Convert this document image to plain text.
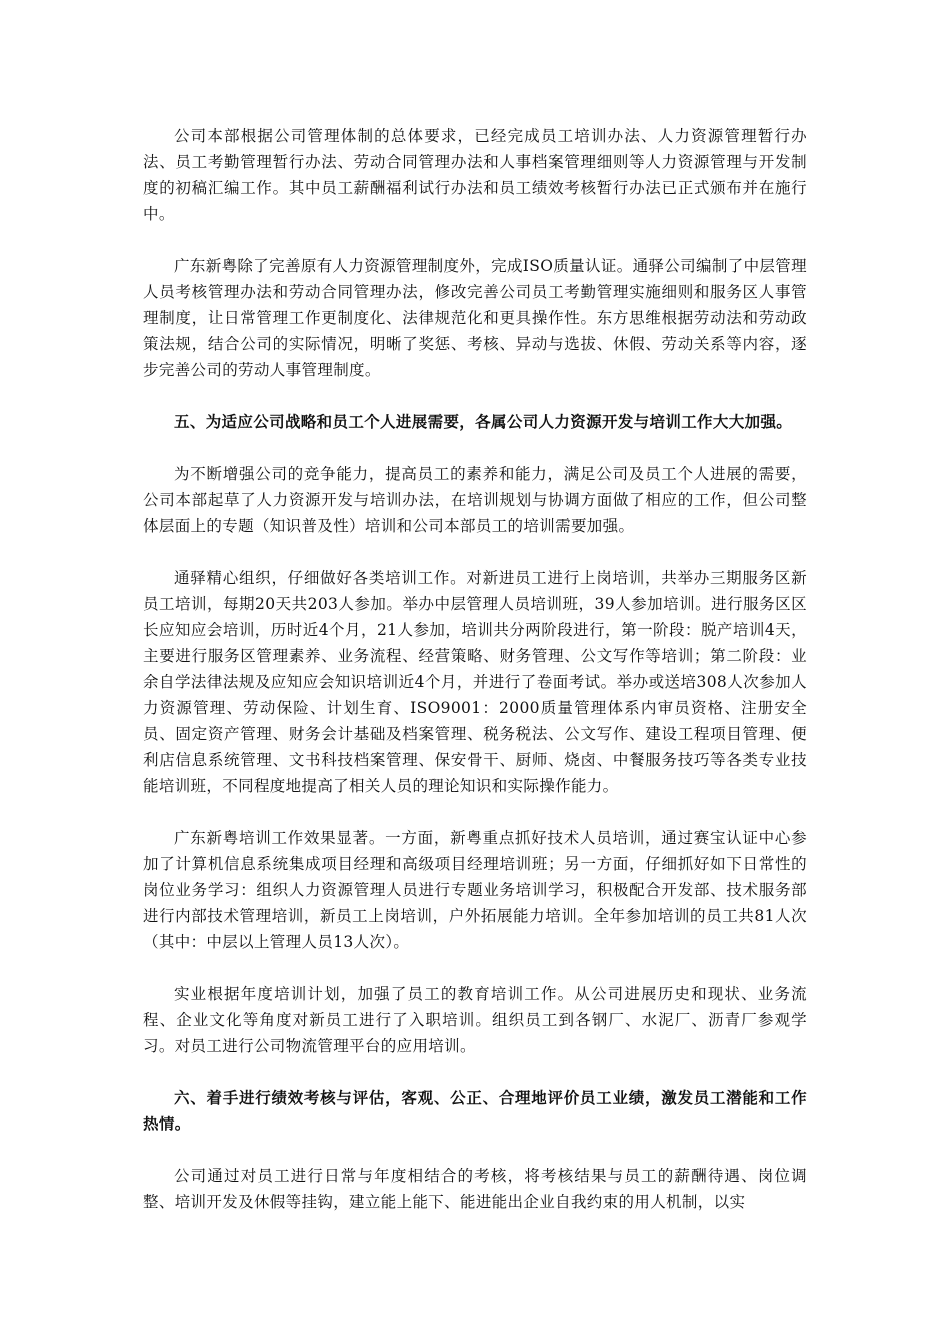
公司本部根据公司管理体制的总体要求，已经完成员工培训办法、人力资源管理暂行办法、员工考勤管理暂行办法、劳动合同管理办法和人事档案管理细则等人力资源管理与开发制度的初稿汇编工作。其中员工薪酬福利试行办法和员工绩效考核暂行办法已正式颁布并在施行中。

广东新粤除了完善原有人力资源管理制度外，完成ISO质量认证。通驿公司编制了中层管理人员考核管理办法和劳动合同管理办法，修改完善公司员工考勤管理实施细则和服务区人事管理制度，让日常管理工作更制度化、法律规范化和更具操作性。东方思维根据劳动法和劳动政策法规，结合公司的实际情况，明晰了奖惩、考核、异动与选拔、休假、劳动关系等内容，逐步完善公司的劳动人事管理制度。

五、为适应公司战略和员工个人进展需要，各属公司人力资源开发与培训工作大大加强。

为不断增强公司的竞争能力，提高员工的素养和能力，满足公司及员工个人进展的需要，公司本部起草了人力资源开发与培训办法，在培训规划与协调方面做了相应的工作，但公司整体层面上的专题（知识普及性）培训和公司本部员工的培训需要加强。

通驿精心组织，仔细做好各类培训工作。对新进员工进行上岗培训，共举办三期服务区新员工培训，每期20天共203人参加。举办中层管理人员培训班，39人参加培训。进行服务区区长应知应会培训，历时近4个月，21人参加，培训共分两阶段进行，第一阶段：脱产培训4天，主要进行服务区管理素养、业务流程、经营策略、财务管理、公文写作等培训；第二阶段：业余自学法律法规及应知应会知识培训近4个月，并进行了卷面考试。举办或送培308人次参加人力资源管理、劳动保险、计划生育、ISO9001：2000质量管理体系内审员资格、注册安全员、固定资产管理、财务会计基础及档案管理、税务税法、公文写作、建设工程项目管理、便利店信息系统管理、文书科技档案管理、保安骨干、厨师、烧卤、中餐服务技巧等各类专业技能培训班，不同程度地提高了相关人员的理论知识和实际操作能力。

广东新粤培训工作效果显著。一方面，新粤重点抓好技术人员培训，通过赛宝认证中心参加了计算机信息系统集成项目经理和高级项目经理培训班；另一方面，仔细抓好如下日常性的岗位业务学习：组织人力资源管理人员进行专题业务培训学习，积极配合开发部、技术服务部进行内部技术管理培训，新员工上岗培训，户外拓展能力培训。全年参加培训的员工共81人次（其中：中层以上管理人员13人次）。

实业根据年度培训计划，加强了员工的教育培训工作。从公司进展历史和现状、业务流程、企业文化等角度对新员工进行了入职培训。组织员工到各钢厂、水泥厂、沥青厂参观学习。对员工进行公司物流管理平台的应用培训。

六、着手进行绩效考核与评估，客观、公正、合理地评价员工业绩，激发员工潜能和工作热情。

公司通过对员工进行日常与年度相结合的考核，将考核结果与员工的薪酬待遇、岗位调整、培训开发及休假等挂钩，建立能上能下、能进能出企业自我约束的用人机制，以实
